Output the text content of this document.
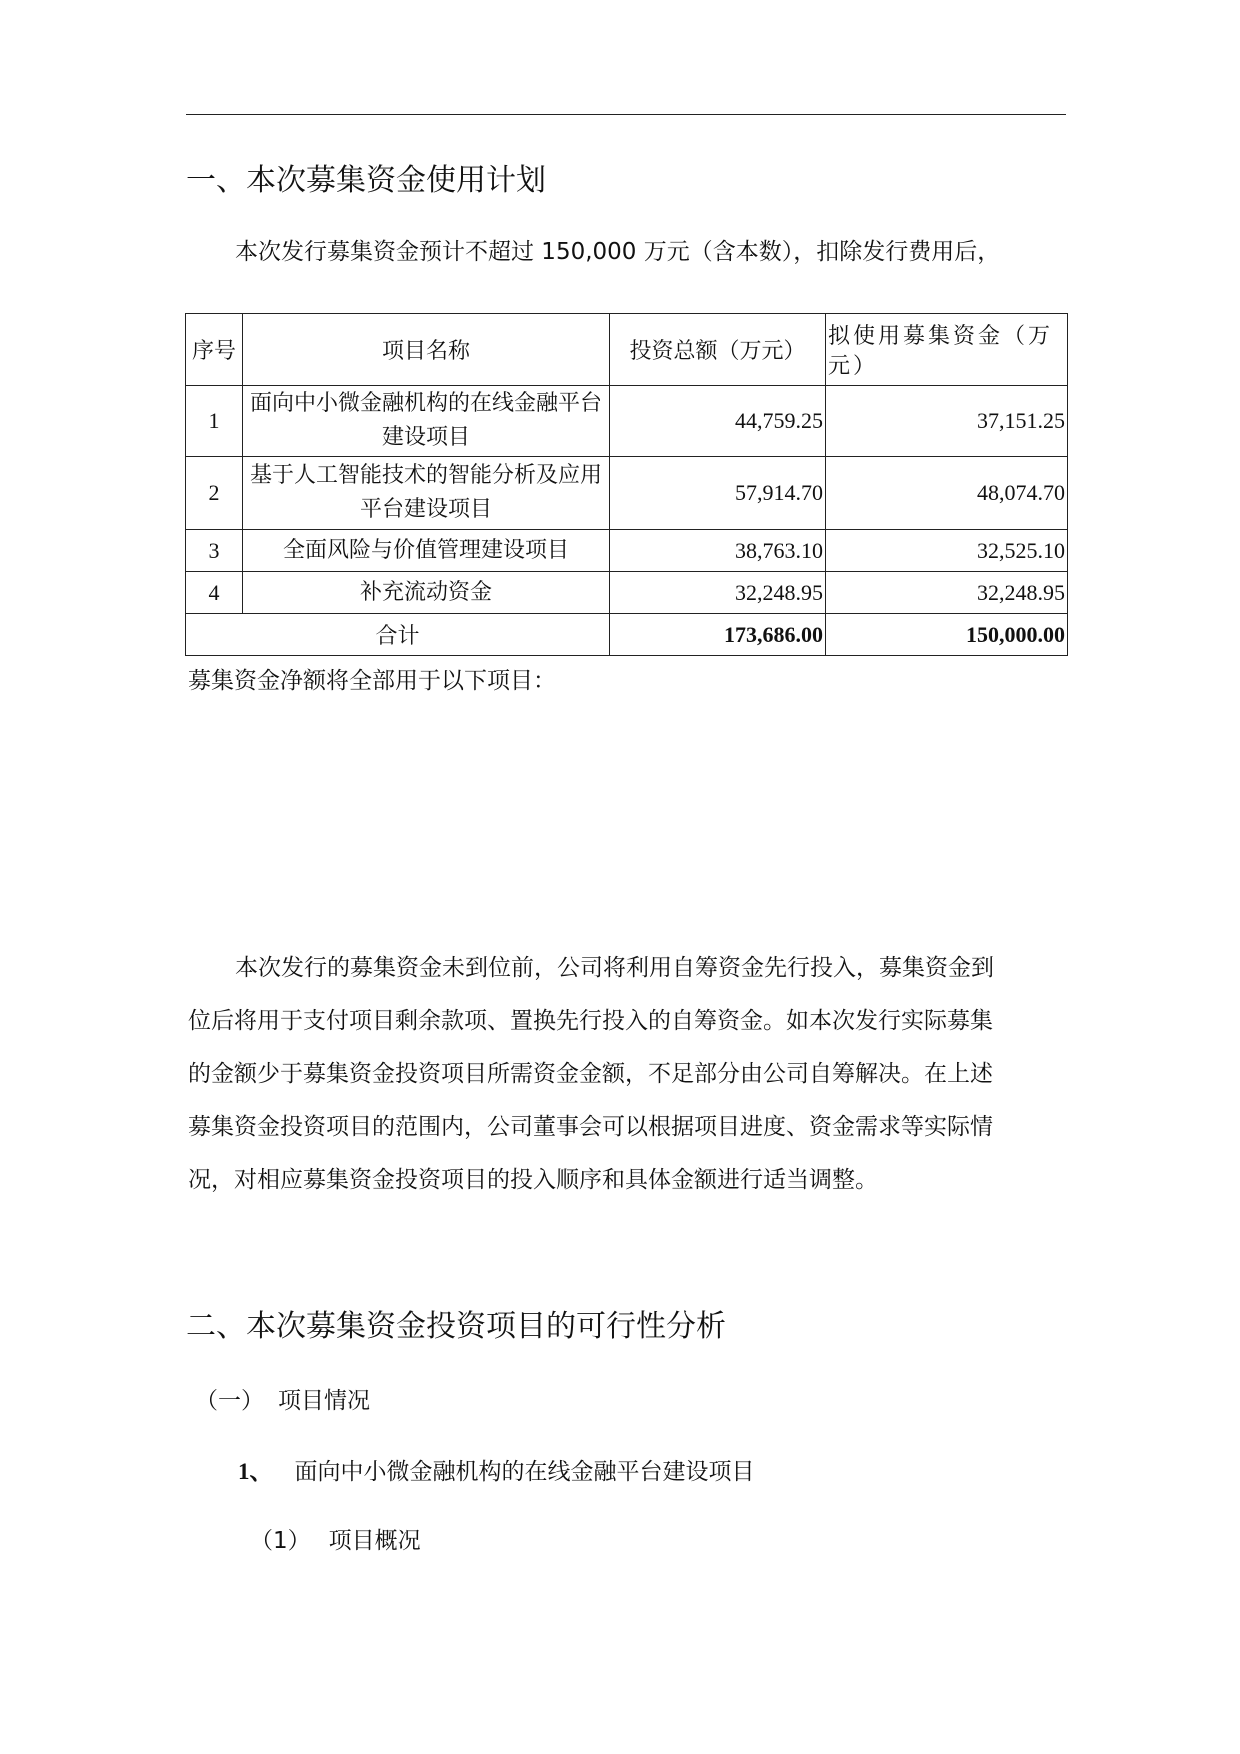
一、本次募集资金使用计划
本次发行募集资金预计不超过 150,000 万元（含本数），扣除发行费用后，
序号	项目名称	投资总额（万元）	拟使用募集资金（万元）
1	面向中小微金融机构的在线金融平台建设项目	44,759.25	37,151.25
2	基于人工智能技术的智能分析及应用平台建设项目	57,914.70	48,074.70
3	全面风险与价值管理建设项目	38,763.10	32,525.10
4	补充流动资金	32,248.95	32,248.95
合计		173,686.00	150,000.00
募集资金净额将全部用于以下项目：
本次发行的募集资金未到位前，公司将利用自筹资金先行投入，募集资金到
位后将用于支付项目剩余款项、置换先行投入的自筹资金。如本次发行实际募集
的金额少于募集资金投资项目所需资金金额，不足部分由公司自筹解决。在上述
募集资金投资项目的范围内，公司董事会可以根据项目进度、资金需求等实际情
况，对相应募集资金投资项目的投入顺序和具体金额进行适当调整。
二、本次募集资金投资项目的可行性分析
（一） 项目情况
1、 面向中小微金融机构的在线金融平台建设项目
（1） 项目概况
